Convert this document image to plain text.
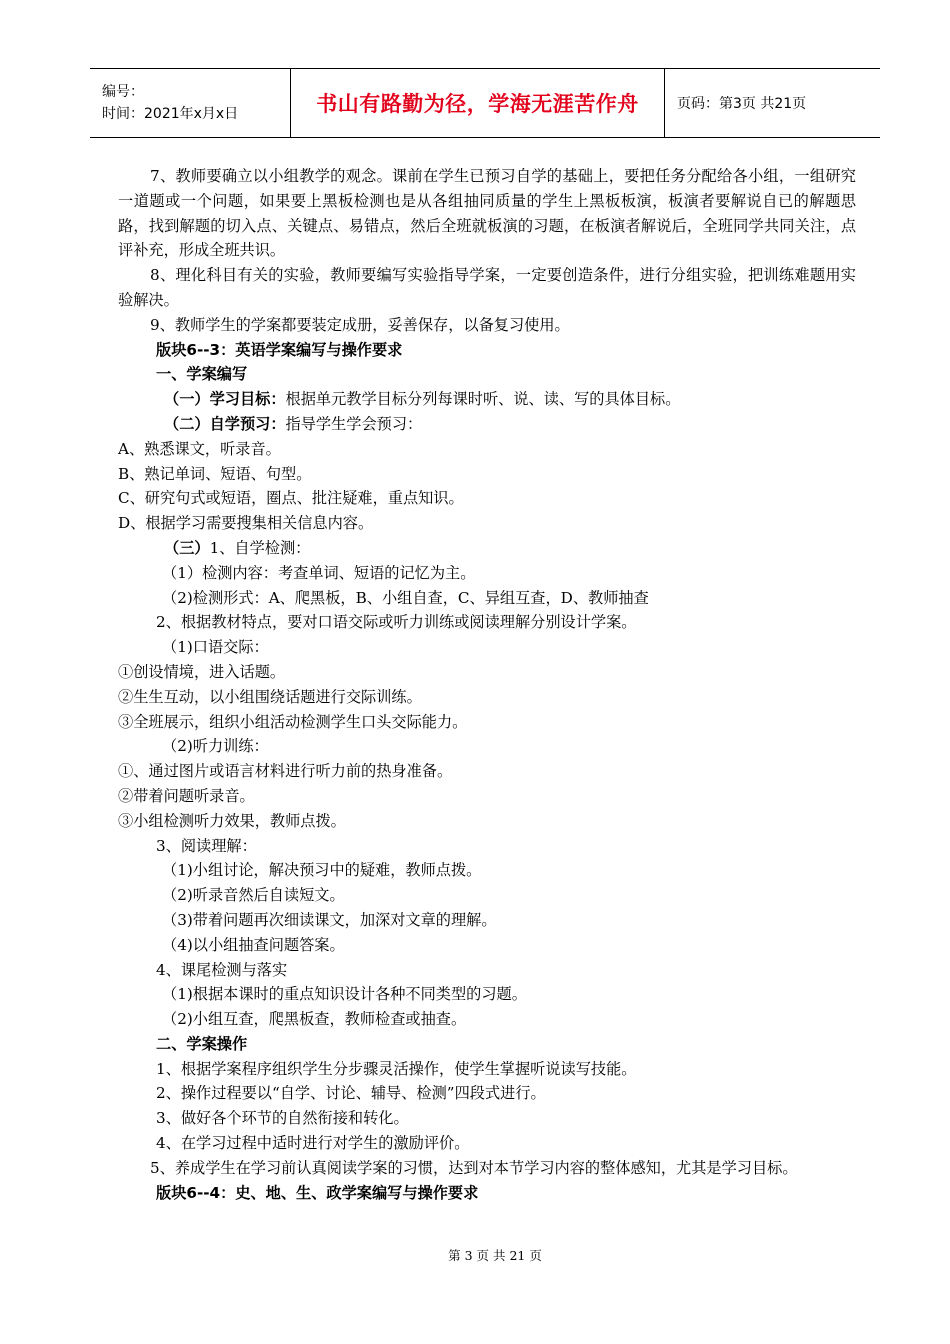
编号：
时间：2021年x月x日	书山有路勤为径，学海无涯苦作舟	页码：第3页 共21页

7、教师要确立以小组教学的观念。课前在学生已预习自学的基础上，要把任务分配给各小组，一组研究一道题或一个问题，如果要上黑板检测也是从各组抽同质量的学生上黑板板演，板演者要解说自已的解题思路，找到解题的切入点、关键点、易错点，然后全班就板演的习题，在板演者解说后，全班同学共同关注，点评补充，形成全班共识。

8、理化科目有关的实验，教师要编写实验指导学案，一定要创造条件，进行分组实验，把训练难题用实验解决。

9、教师学生的学案都要装定成册，妥善保存，以备复习使用。

版块6--3：英语学案编写与操作要求

一、学案编写

（一）学习目标：根据单元教学目标分列每课时听、说、读、写的具体目标。

（二）自学预习：指导学生学会预习：

A、熟悉课文，听录音。

B、熟记单词、短语、句型。

C、研究句式或短语，圈点、批注疑难，重点知识。

D、根据学习需要搜集相关信息内容。

（三）1、自学检测：

（1）检测内容：考查单词、短语的记忆为主。

（2)检测形式：A、爬黑板，B、小组自查，C、异组互查，D、教师抽查

2、根据教材特点，要对口语交际或听力训练或阅读理解分别设计学案。

（1)口语交际：

①创设情境，进入话题。

②生生互动，以小组围绕话题进行交际训练。

③全班展示，组织小组活动检测学生口头交际能力。

（2)听力训练：

①、通过图片或语言材料进行听力前的热身准备。

②带着问题听录音。

③小组检测听力效果，教师点拨。

3、阅读理解：

（1)小组讨论，解决预习中的疑难，教师点拨。

（2)听录音然后自读短文。

（3)带着问题再次细读课文，加深对文章的理解。

（4)以小组抽查问题答案。

4、课尾检测与落实

（1)根据本课时的重点知识设计各种不同类型的习题。

（2)小组互查，爬黑板查，教师检查或抽查。

二、学案操作

1、根据学案程序组织学生分步骤灵活操作，使学生掌握听说读写技能。

2、操作过程要以“自学、讨论、辅导、检测”四段式进行。

3、做好各个环节的自然衔接和转化。

4、在学习过程中适时进行对学生的激励评价。

5、养成学生在学习前认真阅读学案的习惯，达到对本节学习内容的整体感知，尤其是学习目标。

版块6--4：史、地、生、政学案编写与操作要求

第 3 页 共 21 页
